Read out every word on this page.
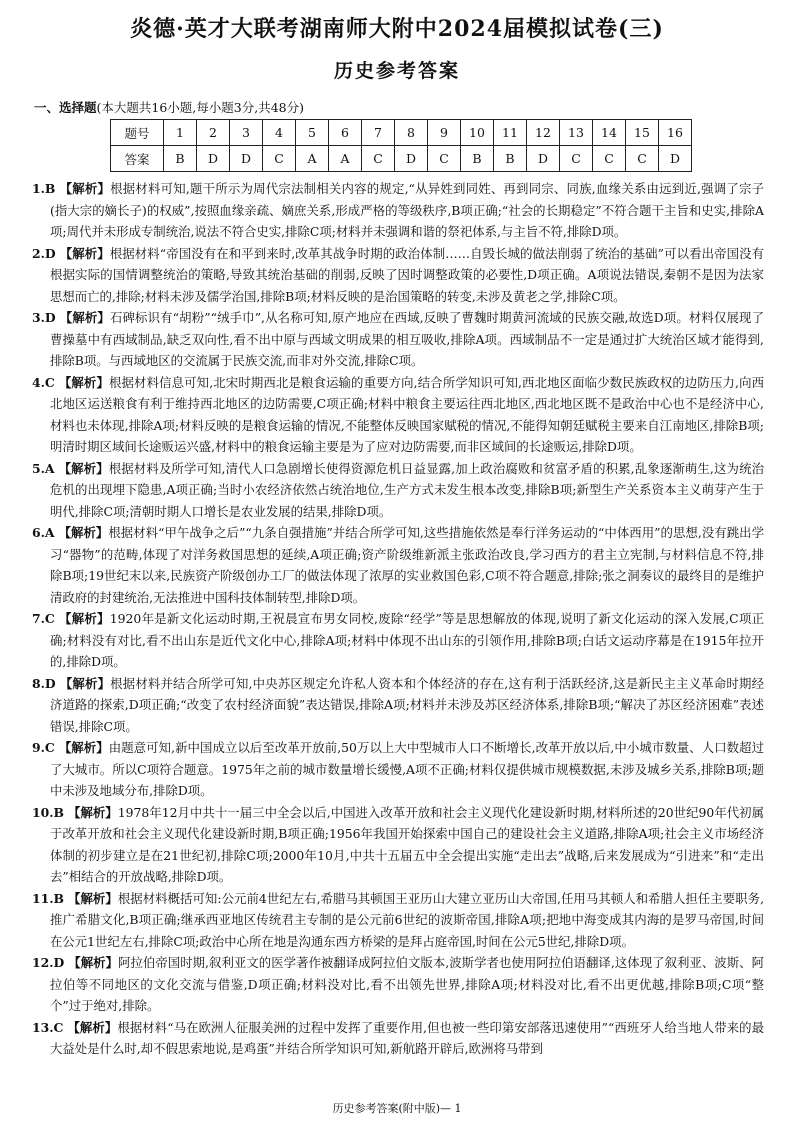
炎德·英才大联考湖南师大附中2024届模拟试卷(三)
历史参考答案
一、选择题(本大题共16小题,每小题3分,共48分)
题号	1	2	3	4	5	6	7	8	9	10	11	12	13	14	15	16
答案	B	D	D	C	A	A	C	D	C	B	B	D	C	C	C	D

1.B 【解析】根据材料可知,题干所示为周代宗法制相关内容的规定,“从异姓到同姓、再到同宗、同族,血缘关系由远到近,强调了宗子(指大宗的嫡长子)的权威”,按照血缘亲疏、嫡庶关系,形成严格的等级秩序,B项正确;“社会的长期稳定”不符合题干主旨和史实,排除A项;周代并未形成专制统治,说法不符合史实,排除C项;材料并未强调和谐的祭祀体系,与主旨不符,排除D项。

2.D 【解析】根据材料“帝国没有在和平到来时,改革其战争时期的政治体制……自毁长城的做法削弱了统治的基础”可以看出帝国没有根据实际的国情调整统治的策略,导致其统治基础的削弱,反映了因时调整政策的必要性,D项正确。A项说法错误,秦朝不是因为法家思想而亡的,排除;材料未涉及儒学治国,排除B项;材料反映的是治国策略的转变,未涉及黄老之学,排除C项。

3.D 【解析】石碑标识有“胡粉”“绒手巾”,从名称可知,原产地应在西域,反映了曹魏时期黄河流域的民族交融,故选D项。材料仅展现了曹操墓中有西域制品,缺乏双向性,看不出中原与西域文明成果的相互吸收,排除A项。西域制品不一定是通过扩大统治区域才能得到,排除B项。与西域地区的交流属于民族交流,而非对外交流,排除C项。

4.C 【解析】根据材料信息可知,北宋时期西北是粮食运输的重要方向,结合所学知识可知,西北地区面临少数民族政权的边防压力,向西北地区运送粮食有利于维持西北地区的边防需要,C项正确;材料中粮食主要运往西北地区,西北地区既不是政治中心也不是经济中心,材料也未体现,排除A项;材料反映的是粮食运输的情况,不能整体反映国家赋税的情况,不能得知朝廷赋税主要来自江南地区,排除B项;明清时期区域间长途贩运兴盛,材料中的粮食运输主要是为了应对边防需要,而非区域间的长途贩运,排除D项。

5.A 【解析】根据材料及所学可知,清代人口急剧增长使得资源危机日益显露,加上政治腐败和贫富矛盾的积累,乱象逐渐萌生,这为统治危机的出现埋下隐患,A项正确;当时小农经济依然占统治地位,生产方式未发生根本改变,排除B项;新型生产关系资本主义萌芽产生于明代,排除C项;清朝时期人口增长是农业发展的结果,排除D项。

6.A 【解析】根据材料“甲午战争之后”“九条自强措施”并结合所学可知,这些措施依然是奉行洋务运动的“中体西用”的思想,没有跳出学习“器物”的范畴,体现了对洋务救国思想的延续,A项正确;资产阶级维新派主张政治改良,学习西方的君主立宪制,与材料信息不符,排除B项;19世纪末以来,民族资产阶级创办工厂的做法体现了浓厚的实业救国色彩,C项不符合题意,排除;张之洞奏议的最终目的是维护清政府的封建统治,无法推进中国科技体制转型,排除D项。

7.C 【解析】1920年是新文化运动时期,王祝晨宣布男女同校,废除“经学”等是思想解放的体现,说明了新文化运动的深入发展,C项正确;材料没有对比,看不出山东是近代文化中心,排除A项;材料中体现不出山东的引领作用,排除B项;白话文运动序幕是在1915年拉开的,排除D项。

8.D 【解析】根据材料并结合所学可知,中央苏区规定允许私人资本和个体经济的存在,这有利于活跃经济,这是新民主主义革命时期经济道路的探索,D项正确;“改变了农村经济面貌”表达错误,排除A项;材料并未涉及苏区经济体系,排除B项;“解决了苏区经济困难”表述错误,排除C项。

9.C 【解析】由题意可知,新中国成立以后至改革开放前,50万以上大中型城市人口不断增长,改革开放以后,中小城市数量、人口数超过了大城市。所以C项符合题意。1975年之前的城市数量增长缓慢,A项不正确;材料仅提供城市规模数据,未涉及城乡关系,排除B项;题中未涉及地域分布,排除D项。

10.B 【解析】1978年12月中共十一届三中全会以后,中国进入改革开放和社会主义现代化建设新时期,材料所述的20世纪90年代初属于改革开放和社会主义现代化建设新时期,B项正确;1956年我国开始探索中国自己的建设社会主义道路,排除A项;社会主义市场经济体制的初步建立是在21世纪初,排除C项;2000年10月,中共十五届五中全会提出实施“走出去”战略,后来发展成为“引进来”和“走出去”相结合的开放战略,排除D项。

11.B 【解析】根据材料概括可知:公元前4世纪左右,希腊马其顿国王亚历山大建立亚历山大帝国,任用马其顿人和希腊人担任主要职务,推广希腊文化,B项正确;继承西亚地区传统君主专制的是公元前6世纪的波斯帝国,排除A项;把地中海变成其内海的是罗马帝国,时间在公元1世纪左右,排除C项;政治中心所在地是沟通东西方桥梁的是拜占庭帝国,时间在公元5世纪,排除D项。

12.D 【解析】阿拉伯帝国时期,叙利亚文的医学著作被翻译成阿拉伯文版本,波斯学者也使用阿拉伯语翻译,这体现了叙利亚、波斯、阿拉伯等不同地区的文化交流与借鉴,D项正确;材料没对比,看不出领先世界,排除A项;材料没对比,看不出更优越,排除B项;C项“整个”过于绝对,排除。

13.C 【解析】根据材料“马在欧洲人征服美洲的过程中发挥了重要作用,但也被一些印第安部落迅速使用”“西班牙人给当地人带来的最大益处是什么时,却不假思索地说,是鸡蛋”并结合所学知识可知,新航路开辟后,欧洲将马带到

历史参考答案(附中版)— 1
